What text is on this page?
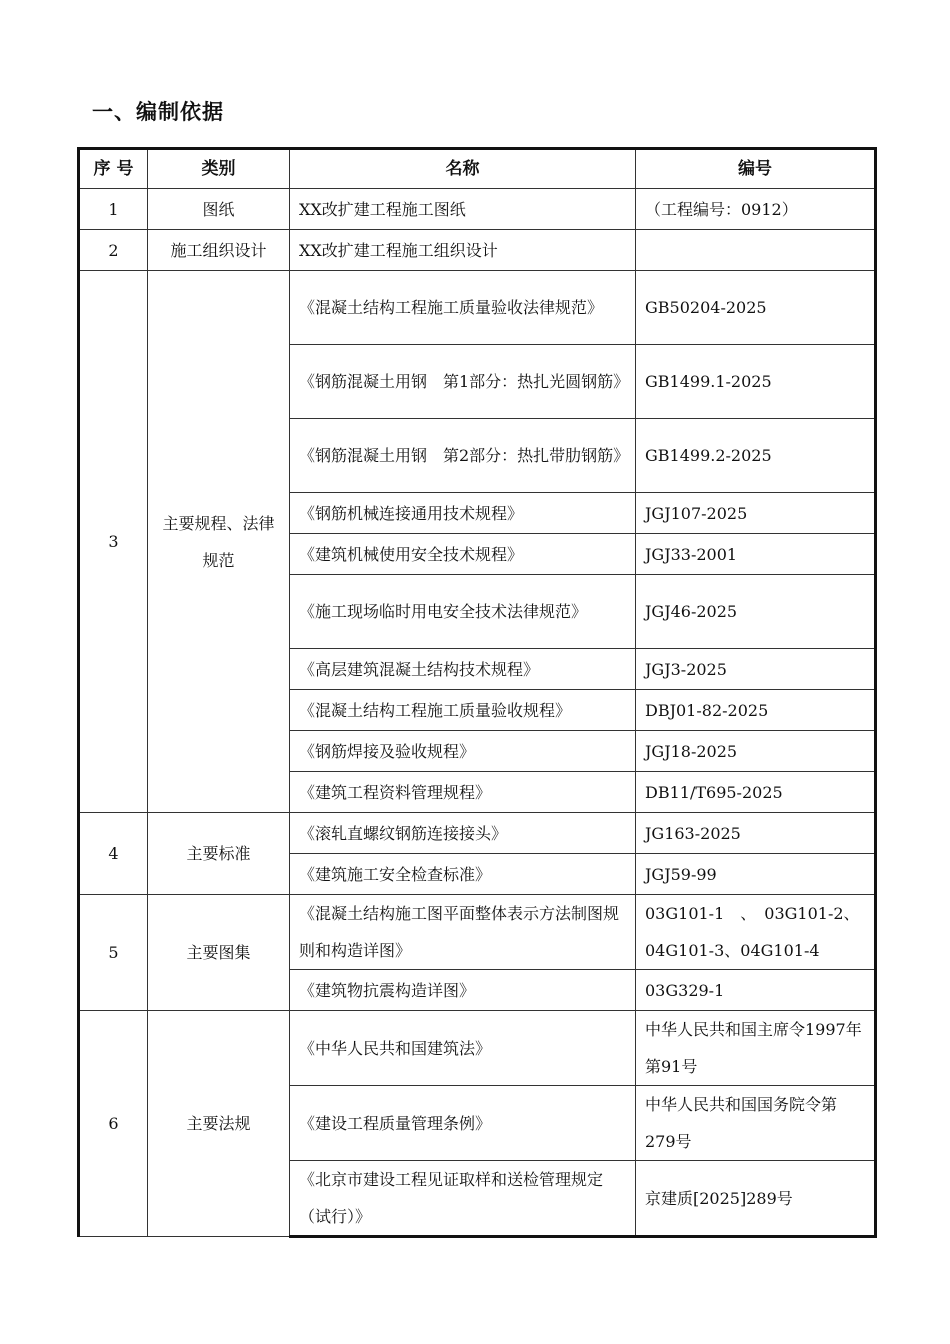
一、编制依据
序 号	类别	名称	编号
1	图纸	XX改扩建工程施工图纸	（工程编号：0912）
2	施工组织设计	XX改扩建工程施工组织设计	
3	主要规程、法律规范	《混凝土结构工程施工质量验收法律规范》	GB50204-2025
		《钢筋混凝土用钢　第1部分：热扎光圆钢筋》	GB1499.1-2025
		《钢筋混凝土用钢　第2部分：热扎带肋钢筋》	GB1499.2-2025
		《钢筋机械连接通用技术规程》	JGJ107-2025
		《建筑机械使用安全技术规程》	JGJ33-2001
		《施工现场临时用电安全技术法律规范》	JGJ46-2025
		《高层建筑混凝土结构技术规程》	JGJ3-2025
		《混凝土结构工程施工质量验收规程》	DBJ01-82-2025
		《钢筋焊接及验收规程》	JGJ18-2025
		《建筑工程资料管理规程》	DB11/T695-2025
4	主要标准	《滚轧直螺纹钢筋连接接头》	JG163-2025
		《建筑施工安全检查标准》	JGJ59-99
5	主要图集	《混凝土结构施工图平面整体表示方法制图规则和构造详图》	03G101-1　、　03G101-2、04G101-3、04G101-4
		《建筑物抗震构造详图》	03G329-1
6	主要法规	《中华人民共和国建筑法》	中华人民共和国主席令1997年第91号
		《建设工程质量管理条例》	中华人民共和国国务院令第279号
		《北京市建设工程见证取样和送检管理规定（试行）》	京建质[2025]289号
